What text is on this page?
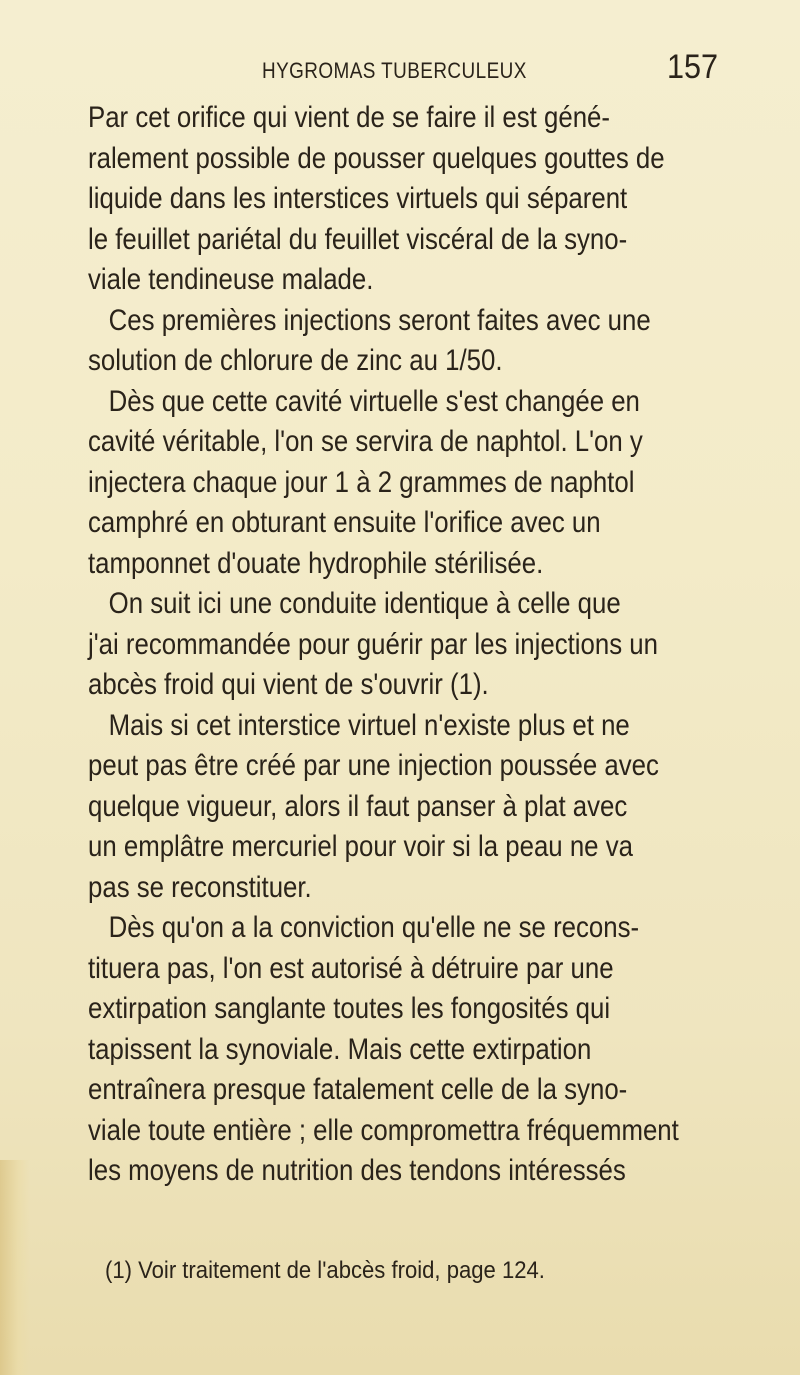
HYGROMAS TUBERCULEUX	157
Par cet orifice qui vient de se faire il est géné-
ralement possible de pousser quelques gouttes de
liquide dans les interstices virtuels qui séparent
le feuillet pariétal du feuillet viscéral de la syno-
viale tendineuse malade.
Ces premières injections seront faites avec une
solution de chlorure de zinc au 1/50.
Dès que cette cavité virtuelle s'est changée en
cavité véritable, l'on se servira de naphtol. L'on y
injectera chaque jour 1 à 2 grammes de naphtol
camphré en obturant ensuite l'orifice avec un
tamponnet d'ouate hydrophile stérilisée.
On suit ici une conduite identique à celle que
j'ai recommandée pour guérir par les injections un
abcès froid qui vient de s'ouvrir (1).
Mais si cet interstice virtuel n'existe plus et ne
peut pas être créé par une injection poussée avec
quelque vigueur, alors il faut panser à plat avec
un emplâtre mercuriel pour voir si la peau ne va
pas se reconstituer.
Dès qu'on a la conviction qu'elle ne se recons-
tituera pas, l'on est autorisé à détruire par une
extirpation sanglante toutes les fongosités qui
tapissent la synoviale. Mais cette extirpation
entraînera presque fatalement celle de la syno-
viale toute entière ; elle compromettra fréquemment
les moyens de nutrition des tendons intéressés
(1) Voir traitement de l'abcès froid, page 124.
